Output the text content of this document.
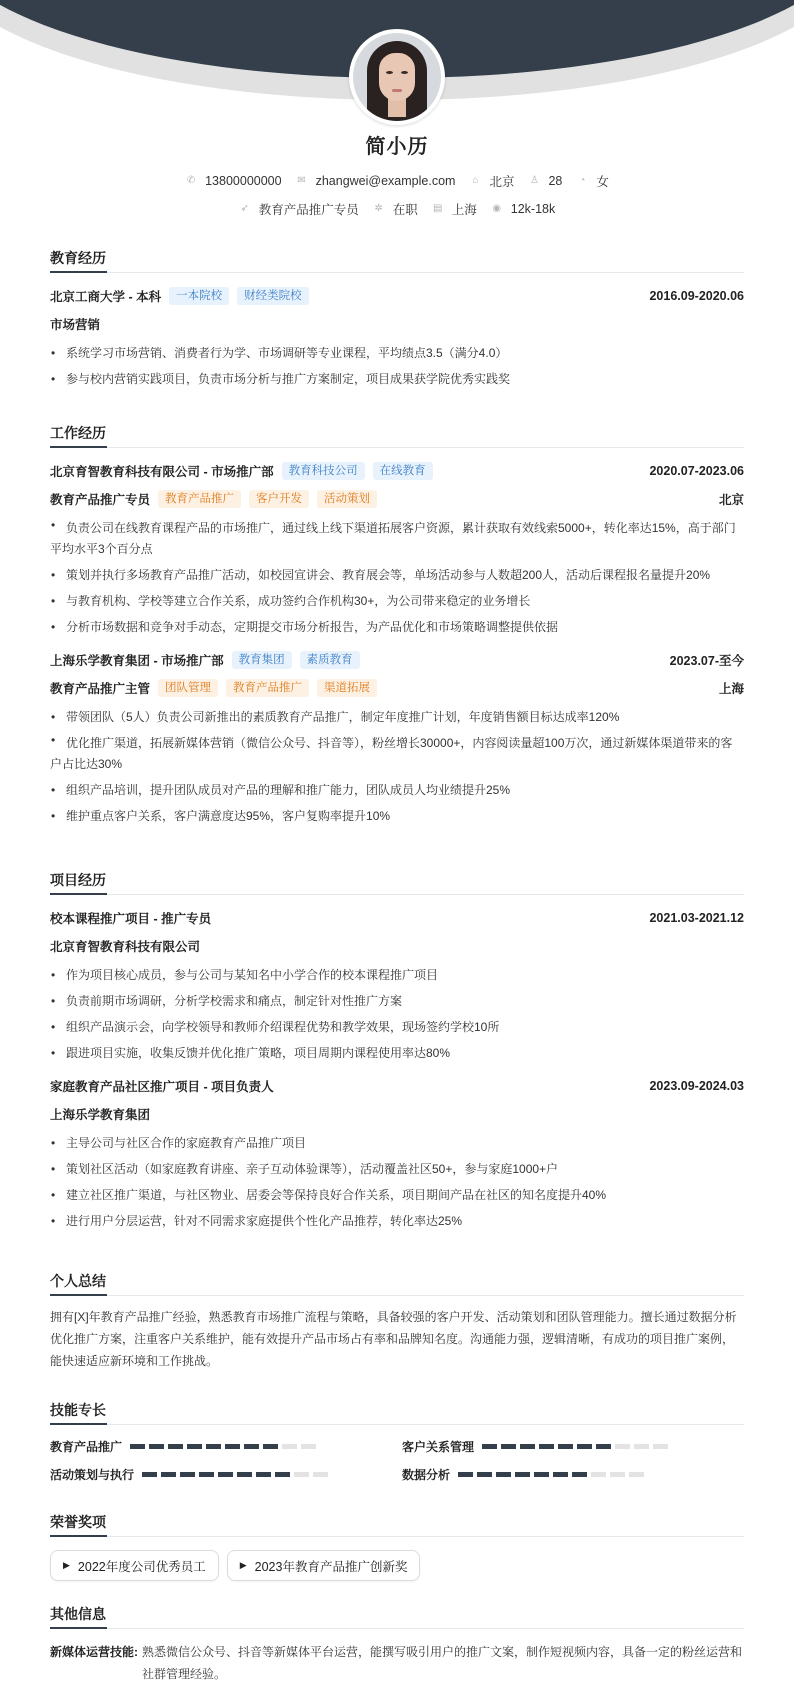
简小历
✆ 13800000000 ✉ zhangwei@example.com ⌂ 北京 ♙ 28 ◔ 女
➶ 教育产品推广专员 ✲ 在职 ▤ 上海 ◉ 12k-18k
教育经历
北京工商大学 - 本科	一本院校	财经类院校	2016.09-2020.06
市场营销
• 系统学习市场营销、消费者行为学、市场调研等专业课程，平均绩点3.5（满分4.0）
• 参与校内营销实践项目，负责市场分析与推广方案制定，项目成果获学院优秀实践奖
工作经历
北京育智教育科技有限公司 - 市场推广部	教育科技公司	在线教育	2020.07-2023.06
教育产品推广专员	教育产品推广	客户开发	活动策划	北京
• 负责公司在线教育课程产品的市场推广，通过线上线下渠道拓展客户资源，累计获取有效线索5000+，转化率达15%，高于部门平均水平3个百分点
• 策划并执行多场教育产品推广活动，如校园宣讲会、教育展会等，单场活动参与人数超200人，活动后课程报名量提升20%
• 与教育机构、学校等建立合作关系，成功签约合作机构30+，为公司带来稳定的业务增长
• 分析市场数据和竞争对手动态，定期提交市场分析报告，为产品优化和市场策略调整提供依据
上海乐学教育集团 - 市场推广部	教育集团	素质教育	2023.07-至今
教育产品推广主管	团队管理	教育产品推广	渠道拓展	上海
• 带领团队（5人）负责公司新推出的素质教育产品推广，制定年度推广计划，年度销售额目标达成率120%
• 优化推广渠道，拓展新媒体营销（微信公众号、抖音等），粉丝增长30000+，内容阅读量超100万次，通过新媒体渠道带来的客户占比达30%
• 组织产品培训，提升团队成员对产品的理解和推广能力，团队成员人均业绩提升25%
• 维护重点客户关系，客户满意度达95%，客户复购率提升10%
项目经历
校本课程推广项目 - 推广专员	2021.03-2021.12
北京育智教育科技有限公司
• 作为项目核心成员，参与公司与某知名中小学合作的校本课程推广项目
• 负责前期市场调研，分析学校需求和痛点，制定针对性推广方案
• 组织产品演示会，向学校领导和教师介绍课程优势和教学效果，现场签约学校10所
• 跟进项目实施，收集反馈并优化推广策略，项目周期内课程使用率达80%
家庭教育产品社区推广项目 - 项目负责人	2023.09-2024.03
上海乐学教育集团
• 主导公司与社区合作的家庭教育产品推广项目
• 策划社区活动（如家庭教育讲座、亲子互动体验课等），活动覆盖社区50+，参与家庭1000+户
• 建立社区推广渠道，与社区物业、居委会等保持良好合作关系，项目期间产品在社区的知名度提升40%
• 进行用户分层运营，针对不同需求家庭提供个性化产品推荐，转化率达25%
个人总结
拥有[X]年教育产品推广经验，熟悉教育市场推广流程与策略，具备较强的客户开发、活动策划和团队管理能力。擅长通过数据分析优化推广方案，注重客户关系维护，能有效提升产品市场占有率和品牌知名度。沟通能力强，逻辑清晰，有成功的项目推广案例，能快速适应新环境和工作挑战。
技能专长
教育产品推广	客户关系管理
活动策划与执行	数据分析
荣誉奖项
▶ 2022年度公司优秀员工	▶ 2023年教育产品推广创新奖
其他信息
新媒体运营技能: 熟悉微信公众号、抖音等新媒体平台运营，能撰写吸引用户的推广文案，制作短视频内容，具备一定的粉丝运营和社群管理经验。
